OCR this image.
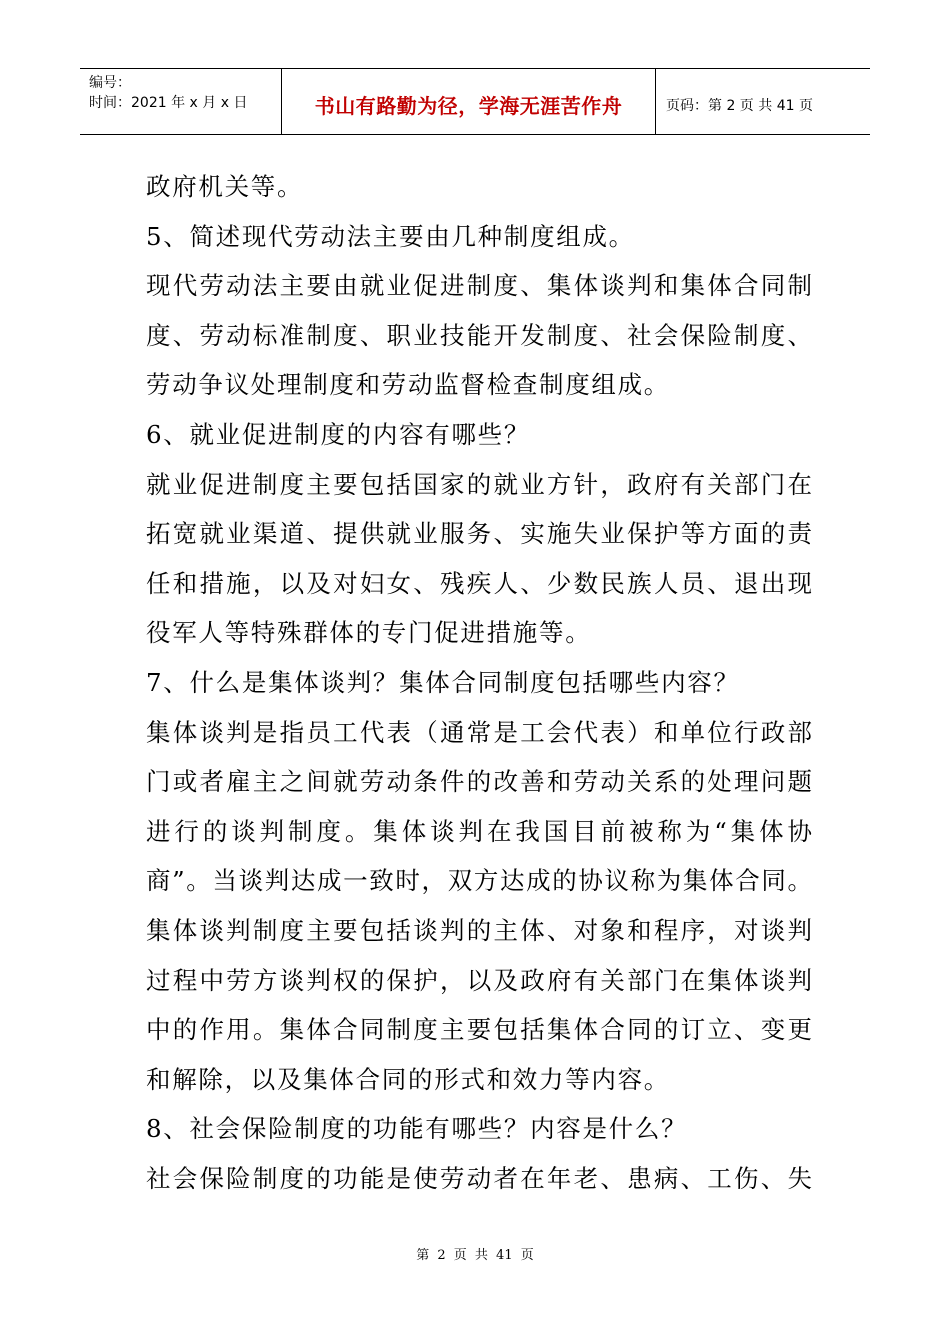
编号：
时间：2021 年 x 月 x 日	书山有路勤为径，学海无涯苦作舟	页码：第 2 页 共 41 页
政府机关等。
5、简述现代劳动法主要由几种制度组成。
现代劳动法主要由就业促进制度、集体谈判和集体合同制
度、劳动标准制度、职业技能开发制度、社会保险制度、
劳动争议处理制度和劳动监督检查制度组成。
6、就业促进制度的内容有哪些？
就业促进制度主要包括国家的就业方针，政府有关部门在
拓宽就业渠道、提供就业服务、实施失业保护等方面的责
任和措施，以及对妇女、残疾人、少数民族人员、退出现
役军人等特殊群体的专门促进措施等。
7、什么是集体谈判？集体合同制度包括哪些内容？
集体谈判是指员工代表（通常是工会代表）和单位行政部
门或者雇主之间就劳动条件的改善和劳动关系的处理问题
进行的谈判制度。集体谈判在我国目前被称为“集体协
商”。当谈判达成一致时，双方达成的协议称为集体合同。
集体谈判制度主要包括谈判的主体、对象和程序，对谈判
过程中劳方谈判权的保护，以及政府有关部门在集体谈判
中的作用。集体合同制度主要包括集体合同的订立、变更
和解除，以及集体合同的形式和效力等内容。
8、社会保险制度的功能有哪些？内容是什么？
社会保险制度的功能是使劳动者在年老、患病、工伤、失
第 2 页 共 41 页
